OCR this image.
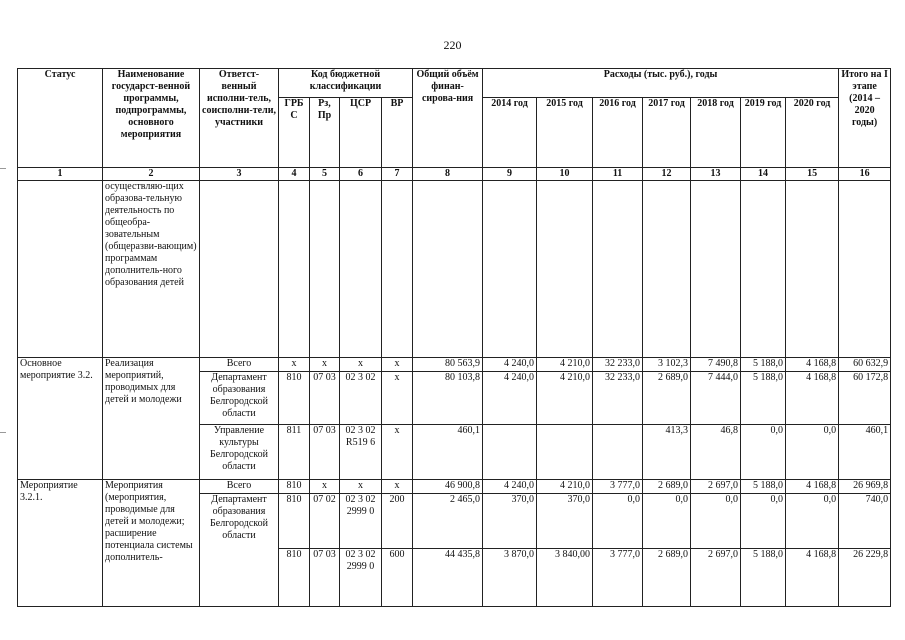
220
Статус	Наименование государст-венной программы, подпрограммы, основного мероприятия	Ответст-венный исполни-тель, соисполни-тели, участники	Код бюджетной классификации				Общий объём финан-сирова-ния	Расходы (тыс. руб.), годы							Итого на I этапе (2014 – 2020 годы)
			ГРБ С	Рз, Пр	ЦСР	ВР		2014 год	2015 год	2016 год	2017 год	2018 год	2019 год	2020 год	
1	2	3	4	5	6	7	8	9	10	11	12	13	14	15	16
	осуществляю-щих образова-тельную деятельность по общеобра-зовательным (общеразви-вающим) программам дополнитель-ного образования детей														
Основное мероприятие 3.2.	Реализация мероприятий, проводимых для детей и молодежи	Всего	х	х	х	х	80 563,9	4 240,0	4 210,0	32 233,0	3 102,3	7 490,8	5 188,0	4 168,8	60 632,9
		Департамент образования Белгородской области	810	07 03	02 3 02	х	80 103,8	4 240,0	4 210,0	32 233,0	2 689,0	7 444,0	5 188,0	4 168,8	60 172,8
		Управление культуры Белгородской области	811	07 03	02 3 02 R519 6	х	460,1				413,3	46,8	0,0	0,0	460,1
Мероприятие 3.2.1.	Мероприятия (мероприятия, проводимые для детей и молодежи; расширение потенциала системы дополнитель-	Всего	810	х	х	х	46 900,8	4 240,0	4 210,0	3 777,0	2 689,0	2 697,0	5 188,0	4 168,8	26 969,8
		Департамент образования Белгородской области	810	07 02	02 3 02 2999 0	200	2 465,0	370,0	370,0	0,0	0,0	0,0	0,0	0,0	740,0
			810	07 03	02 3 02 2999 0	600	44 435,8	3 870,0	3 840,00	3 777,0	2 689,0	2 697,0	5 188,0	4 168,8	26 229,8
